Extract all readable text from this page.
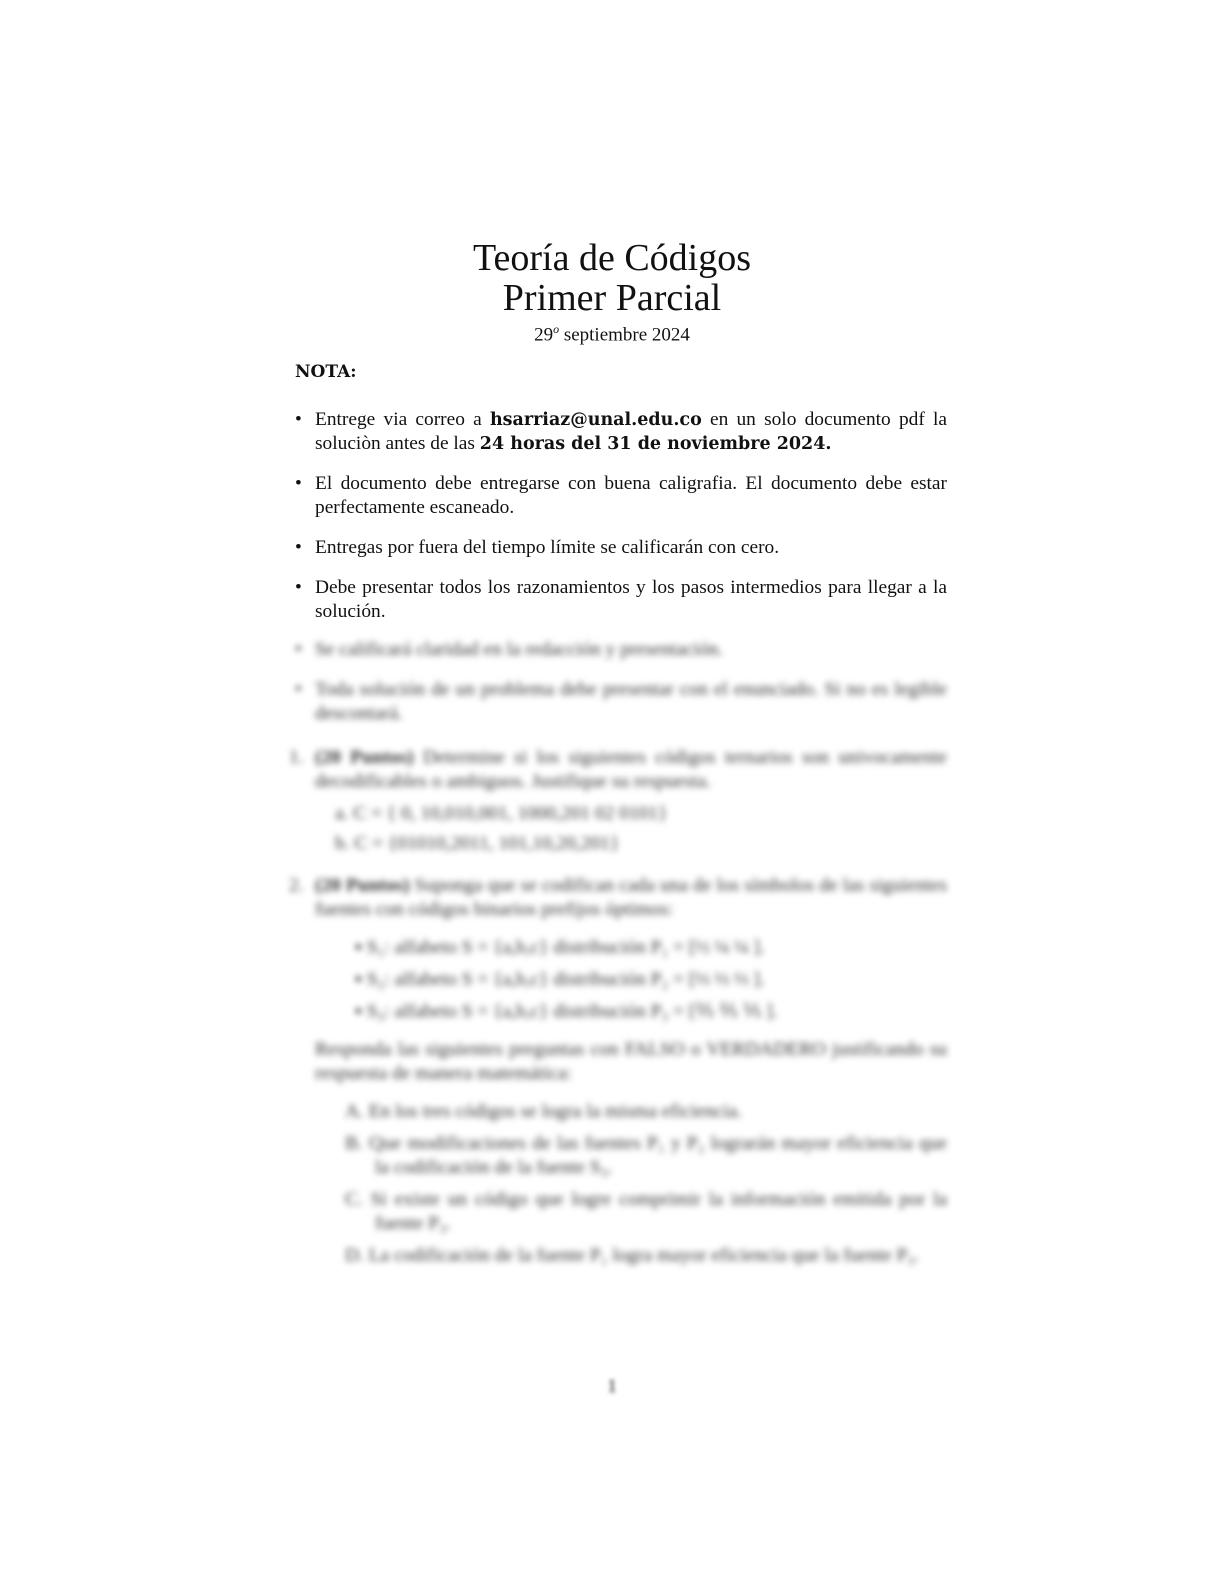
Teoría de Códigos
Primer Parcial
29$^o$ septiembre 2024
NOTA:
• Entrege via correo a hsarriaz@unal.edu.co en un solo documento pdf la soluciòn antes de las 24 horas del 31 de noviembre 2024.
• El documento debe entregarse con buena caligrafia. El documento debe estar perfectamente escaneado.
• Entregas por fuera del tiempo límite se calificarán con cero.
• Debe presentar todos los razonamientos y los pasos intermedios para llegar a la solución.
• Se calificará claridad en la redacción y presentación.
• Toda solución de un problema debe presentar con el enunciado. Si no es legible descontará.
1. (20 Puntos) Determine si los siguientes códigos ternarios son univocamente decodificables o ambiguos. Justifique su respuesta.
a. C = { 0, 10,010,001, 1000,201 02 0101}
b. C = {01010,2011, 101,10,20,201}
2. (20 Puntos) Suponga que se codifican cada una de los símbolos de las siguientes fuentes con códigos binarios prefijos óptimos:
▪ S₁: alfabeto S = {a,b,c} distribución P₁ = [½ ¼ ¼ ].
▪ S₂: alfabeto S = {a,b,c} distribución P₂ = [⅓ ⅓ ⅓ ].
▪ S₃: alfabeto S = {a,b,c} distribución P₃ = [⅖ ⅖ ⅕ ].
Responda las siguientes preguntas con FALSO o VERDADERO justificando su respuesta de manera matemática:
A. En los tres códigos se logra la misma eficiencia.
B. Que modificaciones de las fuentes P₁ y P₂ lograrán mayor eficiencia que la codificación de la fuente S₃.
C. Si existe un código que logre comprimir la información emitida por la fuente P₃.
D. La codificación de la fuente P₁ logra mayor eficiencia que la fuente P₃.
1
